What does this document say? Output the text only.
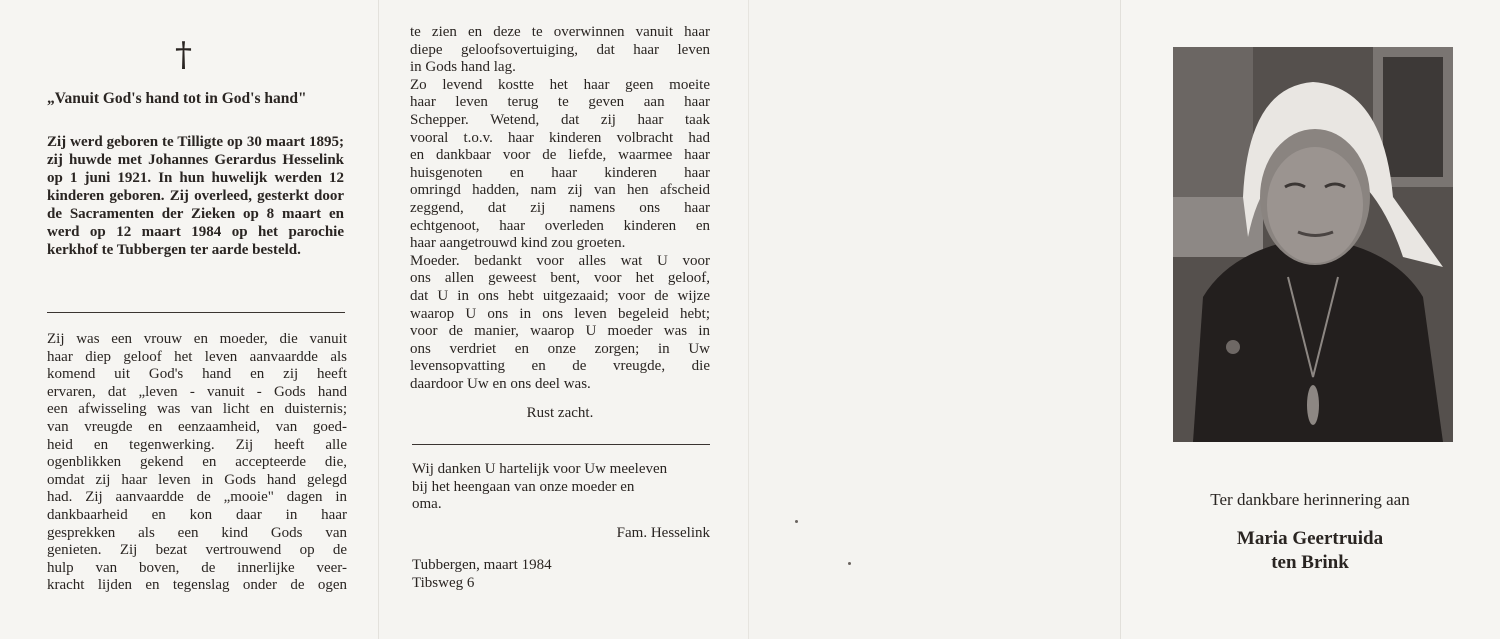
†
„Vanuit God's hand tot in God's hand"
Zij werd geboren te Tilligte op 30 maart 1895; zij huwde met Johannes Gerardus Hesselink op 1 juni 1921. In hun huwelijk werden 12 kinderen geboren. Zij overleed, gesterkt door de Sacramenten der Zieken op 8 maart en werd op 12 maart 1984 op het parochie kerkhof te Tubbergen ter aarde besteld.
Zij was een vrouw en moeder, die vanuit
haar diep geloof het leven aanvaardde als
komend uit God's hand en zij heeft
ervaren, dat „leven - vanuit - Gods hand
een afwisseling was van licht en duisternis;
van vreugde en eenzaamheid, van goed-
heid en tegenwerking. Zij heeft alle
ogenblikken gekend en accepteerde die,
omdat zij haar leven in Gods hand gelegd
had. Zij aanvaardde de „mooie" dagen in
dankbaarheid en kon daar in haar
gesprekken als een kind Gods van
genieten. Zij bezat vertrouwend op de
hulp van boven, de innerlijke veer-
kracht lijden en tegenslag onder de ogen
te zien en deze te overwinnen vanuit haar
diepe geloofsovertuiging, dat haar leven
in Gods hand lag.
Zo levend kostte het haar geen moeite
haar leven terug te geven aan haar
Schepper. Wetend, dat zij haar taak
vooral t.o.v. haar kinderen volbracht had
en dankbaar voor de liefde, waarmee haar
huisgenoten en haar kinderen haar
omringd hadden, nam zij van hen afscheid
zeggend, dat zij namens ons haar
echtgenoot, haar overleden kinderen en
haar aangetrouwd kind zou groeten.
Moeder. bedankt voor alles wat U voor
ons allen geweest bent, voor het geloof,
dat U in ons hebt uitgezaaid; voor de wijze
waarop U ons in ons leven begeleid hebt;
voor de manier, waarop U moeder was in
ons verdriet en onze zorgen; in Uw
levensopvatting en de vreugde, die
daardoor Uw en ons deel was.
Rust zacht.
Wij danken U hartelijk voor Uw meeleven
bij het heengaan van onze moeder en
oma.
Fam. Hesselink
Tubbergen, maart 1984
Tibsweg 6
Ter dankbare herinnering aan
Maria Geertruida
ten Brink
